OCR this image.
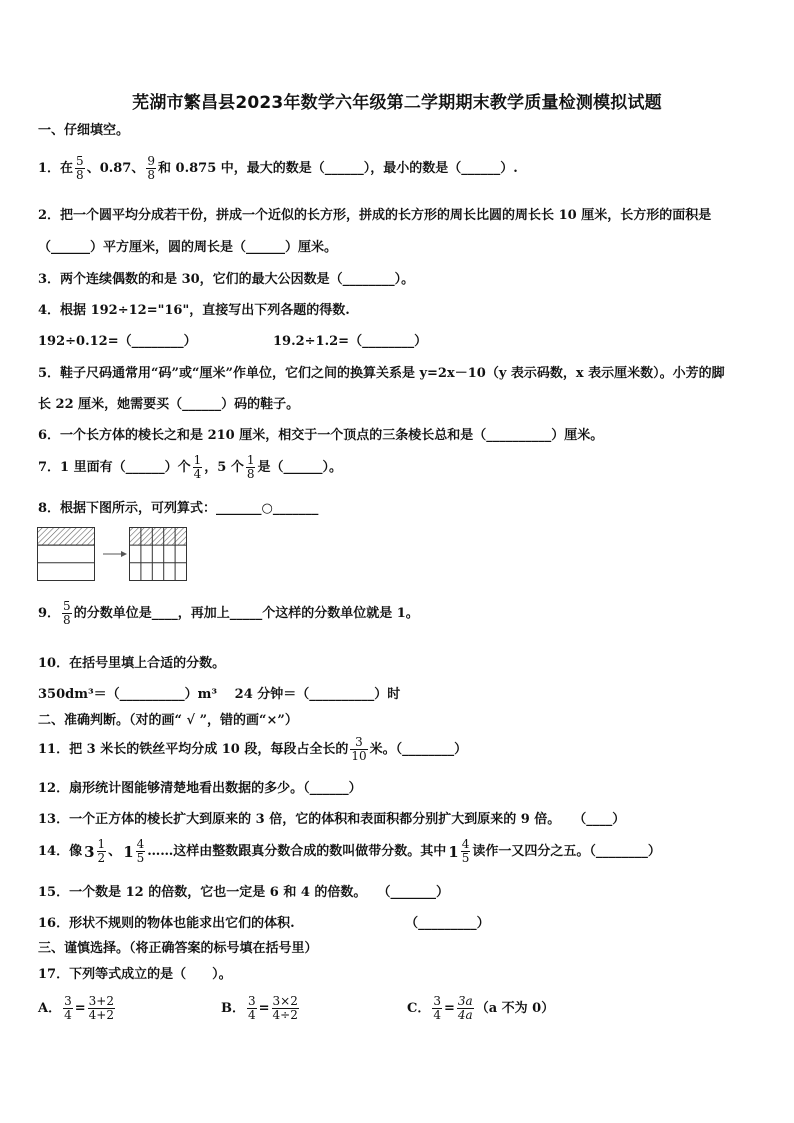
芜湖市繁昌县2023年数学六年级第二学期期末教学质量检测模拟试题
一、仔细填空。
1．在 $\frac{5}{8}$ 、0.87、 $\frac{9}{8}$ 和 0.875 中，最大的数是（______），最小的数是（______）.
2．把一个圆平均分成若干份，拼成一个近似的长方形，拼成的长方形的周长比圆的周长长 10 厘米，长方形的面积是
（______）平方厘米，圆的周长是（______）厘米。
3．两个连续偶数的和是 30，它们的最大公因数是（________）。
4．根据 192÷12="16"，直接写出下列各题的得数.
192÷0.12=（________）	19.2÷1.2=（________）
5．鞋子尺码通常用“码”或“厘米”作单位，它们之间的换算关系是 y=2x－10（y 表示码数，x 表示厘米数）。小芳的脚
长 22 厘米，她需要买（______）码的鞋子。
6．一个长方体的棱长之和是 210 厘米，相交于一个顶点的三条棱长总和是（__________）厘米。
7．1 里面有（______）个 $\frac{1}{4}$ ，5 个 $\frac{1}{8}$ 是（______）。
8．根据下图所示，可列算式：_______○_______
9． $\frac{5}{8}$ 的分数单位是____，再加上_____个这样的分数单位就是 1。
10．在括号里填上合适的分数。
350dm³＝（__________）m³　 24 分钟＝（__________）时
二、准确判断。（对的画“ √ ”，错的画“×”）
11．把 3 米长的铁丝平均分成 10 段，每段占全长的 $\frac{3}{10}$ 米。（________）
12．扇形统计图能够清楚地看出数据的多少。（______）
13．一个正方体的棱长扩大到原来的 3 倍，它的体积和表面积都分别扩大到原来的 9 倍。　　（____）
14．像 $3 \frac{1}{2}$ 、 $1 \frac{4}{5}$ ……这样由整数跟真分数合成的数叫做带分数。其中 $1 \frac{4}{5}$ 读作一又四分之五。（________）
15．一个数是 12 的倍数，它也一定是 6 和 4 的倍数。　 （_______）
16．形状不规则的物体也能求出它们的体积.　　　　　　　　　（_________）
三、谨慎选择。（将正确答案的标号填在括号里）
17．下列等式成立的是（　　）。
A． $\frac{3}{4} = \frac{3+2}{4+2}$	B． $\frac{3}{4} = \frac{3\times 2}{4\div 2}$	C． $\frac{3}{4} = \frac{3a}{4a} (a$ 不为 0）
